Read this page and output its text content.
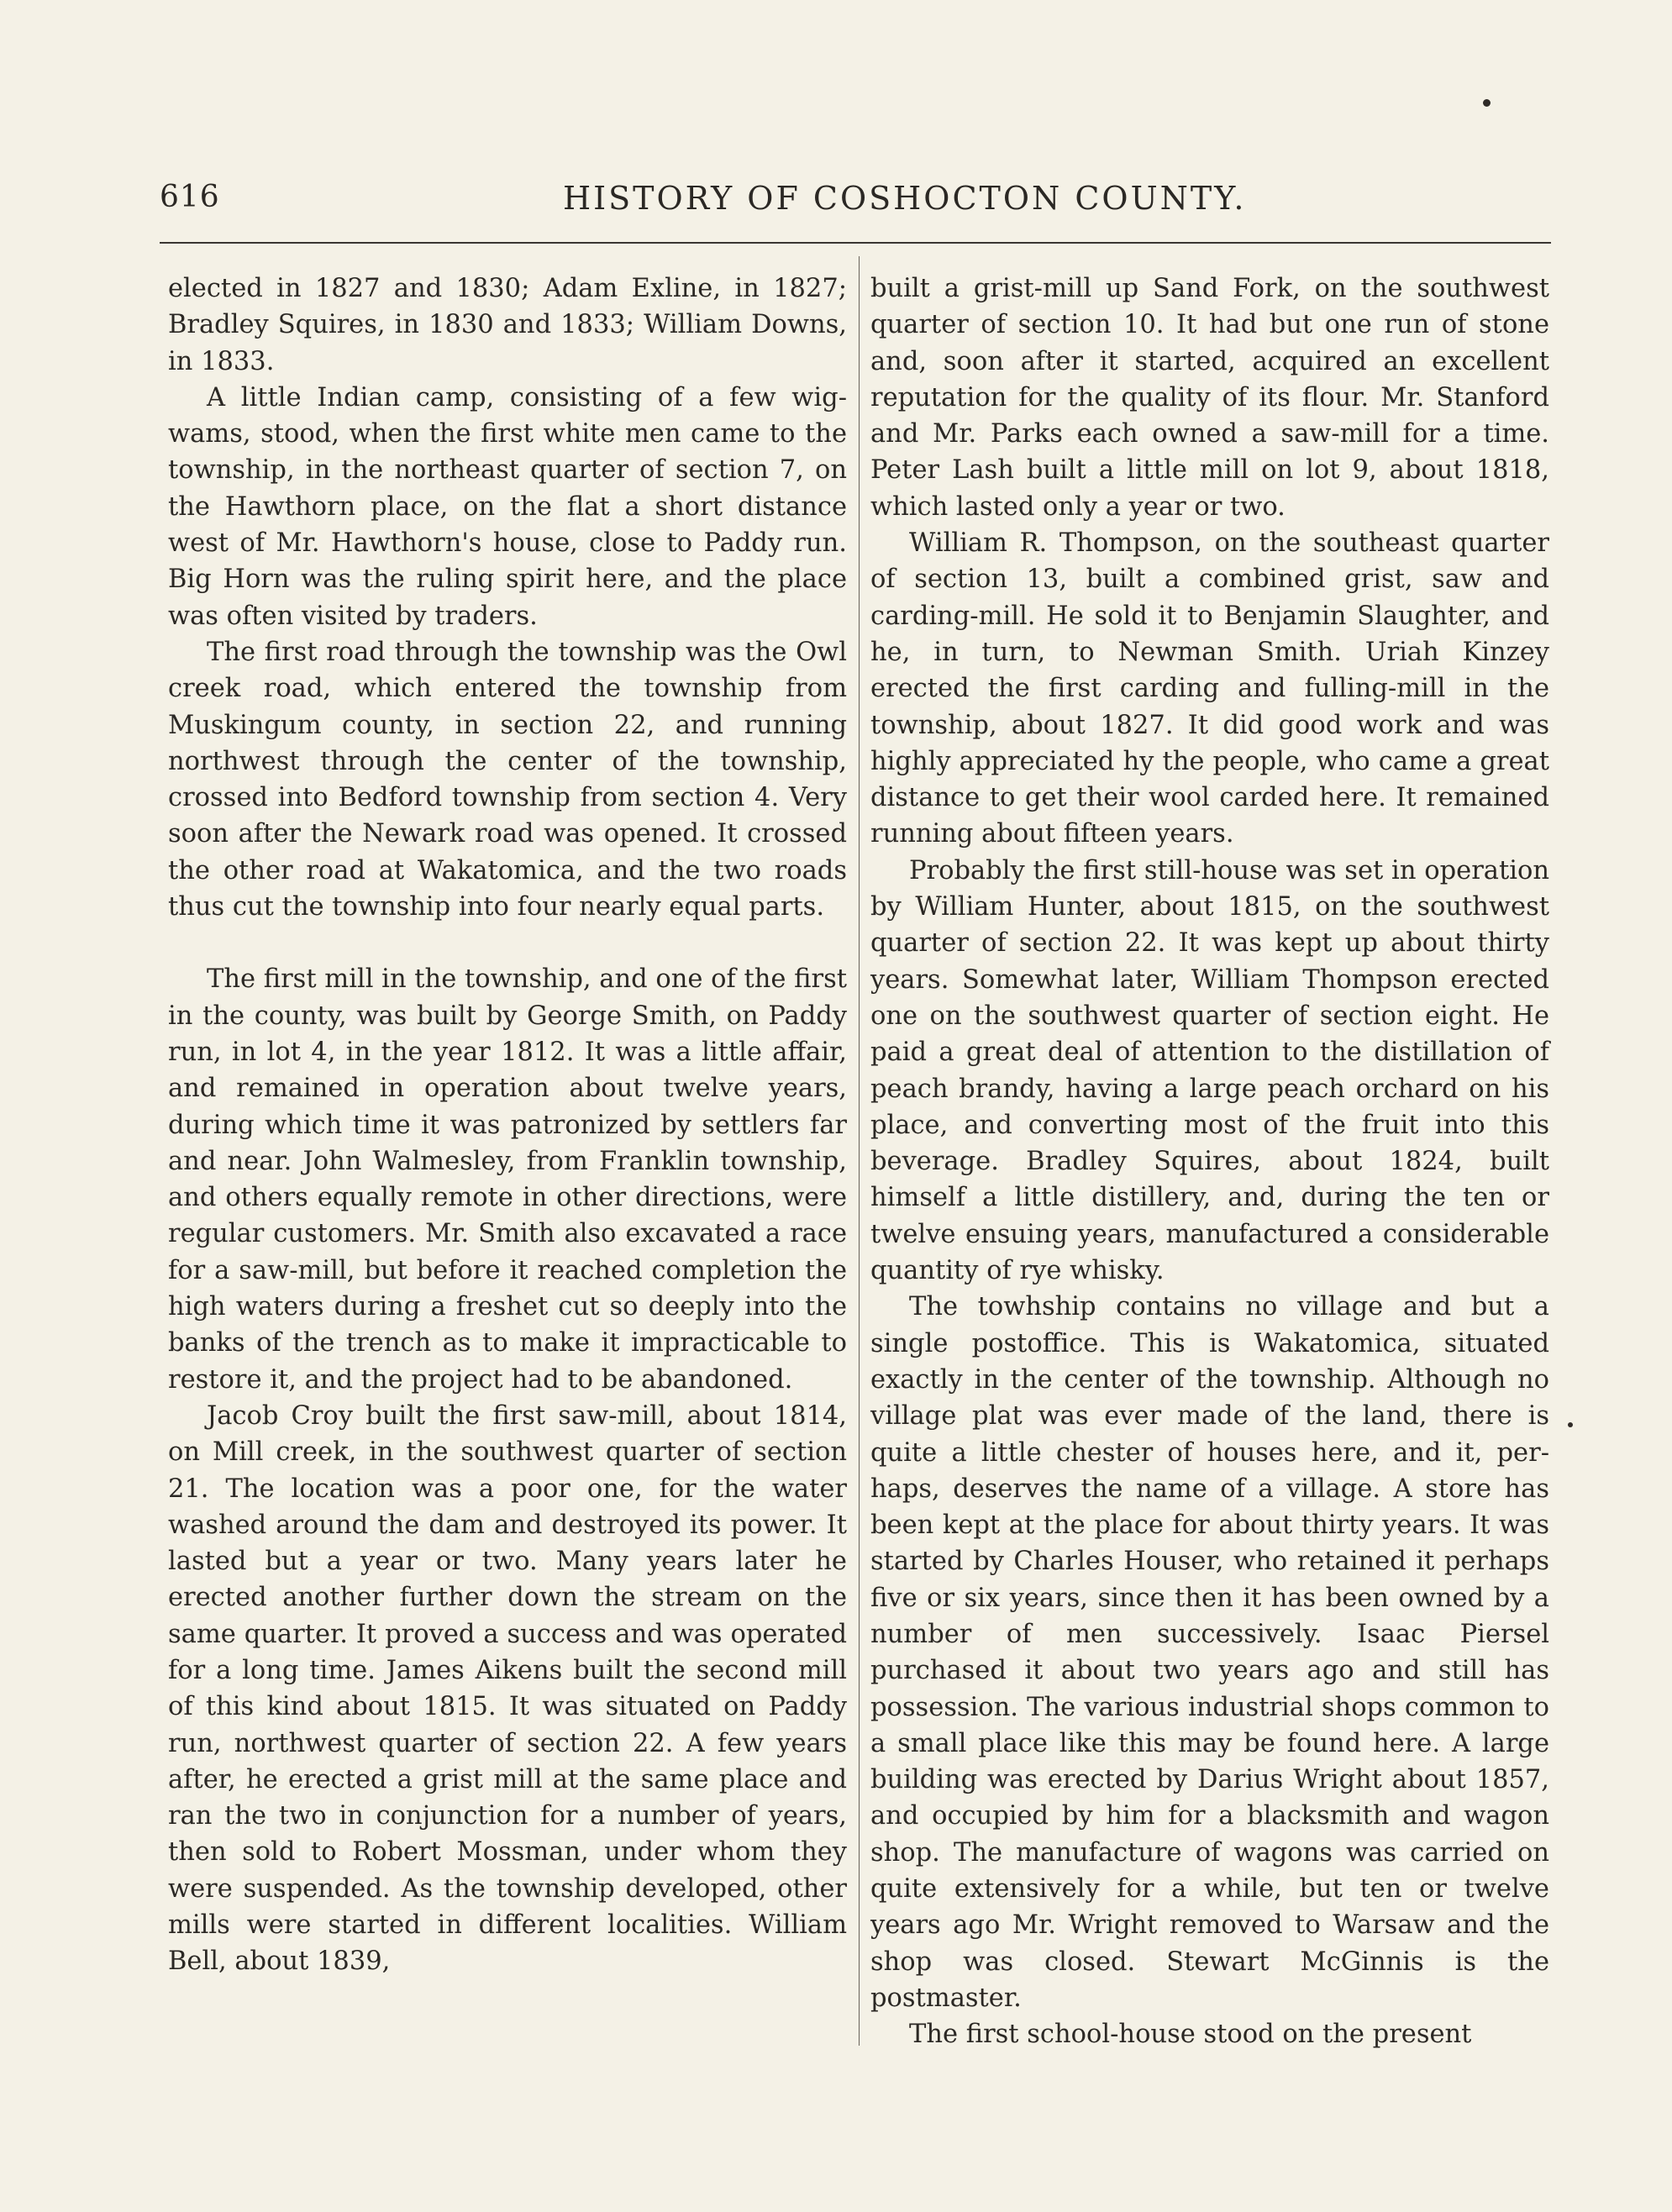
616	HISTORY OF COSHOCTON COUNTY.

elected in 1827 and 1830; Adam Exline, in 1827; Bradley Squires, in 1830 and 1833; William Downs, in 1833.

A little Indian camp, consisting of a few wigwams, stood, when the first white men came to the township, in the northeast quarter of section 7, on the Hawthorn place, on the flat a short distance west of Mr. Hawthorn's house, close to Paddy run. Big Horn was the ruling spirit here, and the place was often visited by traders.

The first road through the township was the Owl creek road, which entered the township from Muskingum county, in section 22, and running northwest through the center of the township, crossed into Bedford township from section 4. Very soon after the Newark road was opened. It crossed the other road at Wakatomica, and the two roads thus cut the township into four nearly equal parts.

The first mill in the township, and one of the first in the county, was built by George Smith, on Paddy run, in lot 4, in the year 1812. It was a little affair, and remained in operation about twelve years, during which time it was patronized by settlers far and near. John Walmesley, from Franklin township, and others equally remote in other directions, were regular customers. Mr. Smith also excavated a race for a saw-mill, but before it reached completion the high waters during a freshet cut so deeply into the banks of the trench as to make it impracticable to restore it, and the project had to be abandoned.

Jacob Croy built the first saw-mill, about 1814, on Mill creek, in the southwest quarter of section 21. The location was a poor one, for the water washed around the dam and destroyed its power. It lasted but a year or two. Many years later he erected another further down the stream on the same quarter. It proved a success and was operated for a long time. James Aikens built the second mill of this kind about 1815. It was situated on Paddy run, northwest quarter of section 22. A few years after, he erected a grist mill at the same place and ran the two in conjunction for a number of years, then sold to Robert Mossman, under whom they were suspended. As the township developed, other mills were started in different localities. William Bell, about 1839,

built a grist-mill up Sand Fork, on the southwest quarter of section 10. It had but one run of stone and, soon after it started, acquired an excellent reputation for the quality of its flour. Mr. Stanford and Mr. Parks each owned a saw-mill for a time. Peter Lash built a little mill on lot 9, about 1818, which lasted only a year or two.

William R. Thompson, on the southeast quarter of section 13, built a combined grist, saw and carding-mill. He sold it to Benjamin Slaughter, and he, in turn, to Newman Smith. Uriah Kinzey erected the first carding and fulling-mill in the township, about 1827. It did good work and was highly appreciated hy the people, who came a great distance to get their wool carded here. It remained running about fifteen years.

Probably the first still-house was set in operation by William Hunter, about 1815, on the southwest quarter of section 22. It was kept up about thirty years. Somewhat later, William Thompson erected one on the southwest quarter of section eight. He paid a great deal of attention to the distillation of peach brandy, having a large peach orchard on his place, and converting most of the fruit into this beverage. Bradley Squires, about 1824, built himself a little distillery, and, during the ten or twelve ensuing years, manufactured a considerable quantity of rye whisky.

The towhship contains no village and but a single postoffice. This is Wakatomica, situated exactly in the center of the township. Although no village plat was ever made of the land, there is quite a little chester of houses here, and it, perhaps, deserves the name of a village. A store has been kept at the place for about thirty years. It was started by Charles Houser, who retained it perhaps five or six years, since then it has been owned by a number of men successively. Isaac Piersel purchased it about two years ago and still has possession. The various industrial shops common to a small place like this may be found here. A large building was erected by Darius Wright about 1857, and occupied by him for a blacksmith and wagon shop. The manufacture of wagons was carried on quite extensively for a while, but ten or twelve years ago Mr. Wright removed to Warsaw and the shop was closed. Stewart McGinnis is the postmaster.

The first school-house stood on the present
